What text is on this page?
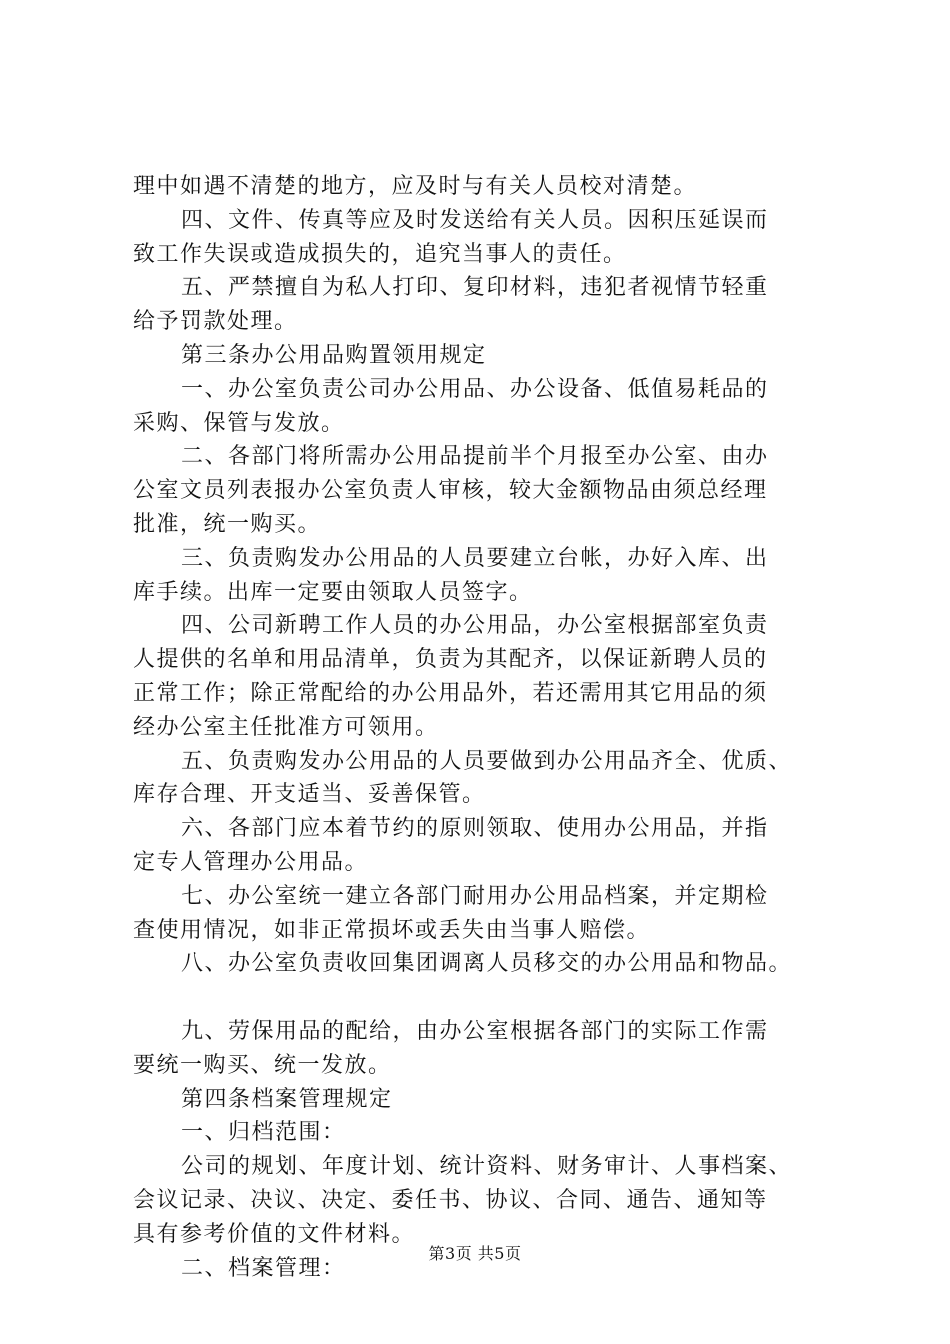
理中如遇不清楚的地方，应及时与有关人员校对清楚。
四、文件、传真等应及时发送给有关人员。因积压延误而
致工作失误或造成损失的，追究当事人的责任。
五、严禁擅自为私人打印、复印材料，违犯者视情节轻重
给予罚款处理。
第三条办公用品购置领用规定
一、办公室负责公司办公用品、办公设备、低值易耗品的
采购、保管与发放。
二、各部门将所需办公用品提前半个月报至办公室、由办
公室文员列表报办公室负责人审核，较大金额物品由须总经理
批准，统一购买。
三、负责购发办公用品的人员要建立台帐，办好入库、出
库手续。出库一定要由领取人员签字。
四、公司新聘工作人员的办公用品，办公室根据部室负责
人提供的名单和用品清单，负责为其配齐，以保证新聘人员的
正常工作；除正常配给的办公用品外，若还需用其它用品的须
经办公室主任批准方可领用。
五、负责购发办公用品的人员要做到办公用品齐全、优质、
库存合理、开支适当、妥善保管。
六、各部门应本着节约的原则领取、使用办公用品，并指
定专人管理办公用品。
七、办公室统一建立各部门耐用办公用品档案，并定期检
查使用情况，如非正常损坏或丢失由当事人赔偿。
八、办公室负责收回集团调离人员移交的办公用品和物品。
九、劳保用品的配给，由办公室根据各部门的实际工作需
要统一购买、统一发放。
第四条档案管理规定
一、归档范围：
公司的规划、年度计划、统计资料、财务审计、人事档案、
会议记录、决议、决定、委任书、协议、合同、通告、通知等
具有参考价值的文件材料。
二、档案管理：
第3页 共5页
